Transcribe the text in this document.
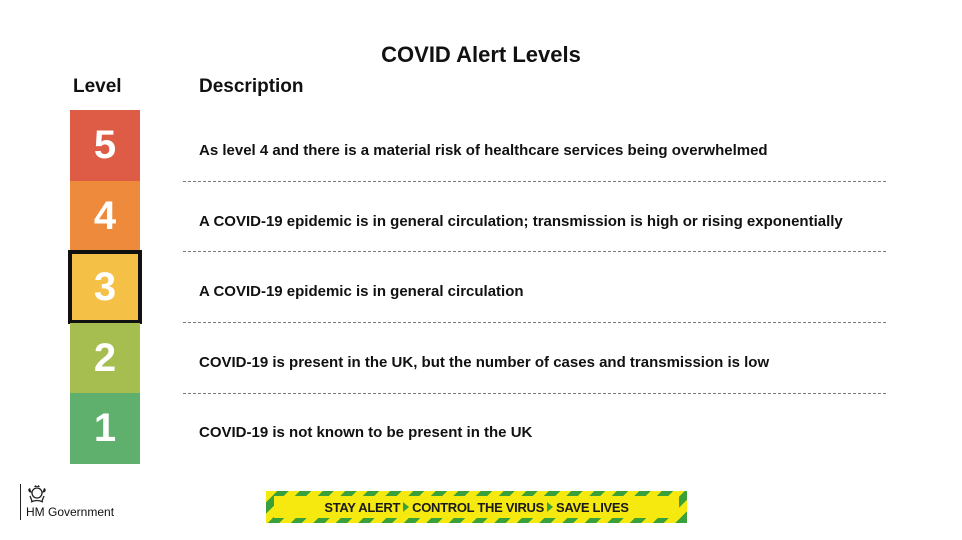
COVID Alert Levels
Level	Description
5	As level 4 and there is a material risk of healthcare services being overwhelmed
4	A COVID-19 epidemic is in general circulation; transmission is high or rising exponentially
3	A COVID-19 epidemic is in general circulation
2	COVID-19 is present in the UK, but the number of cases and transmission is low
1	COVID-19 is not known to be present in the UK
HM Government	STAY ALERT CONTROL THE VIRUS SAVE LIVES
